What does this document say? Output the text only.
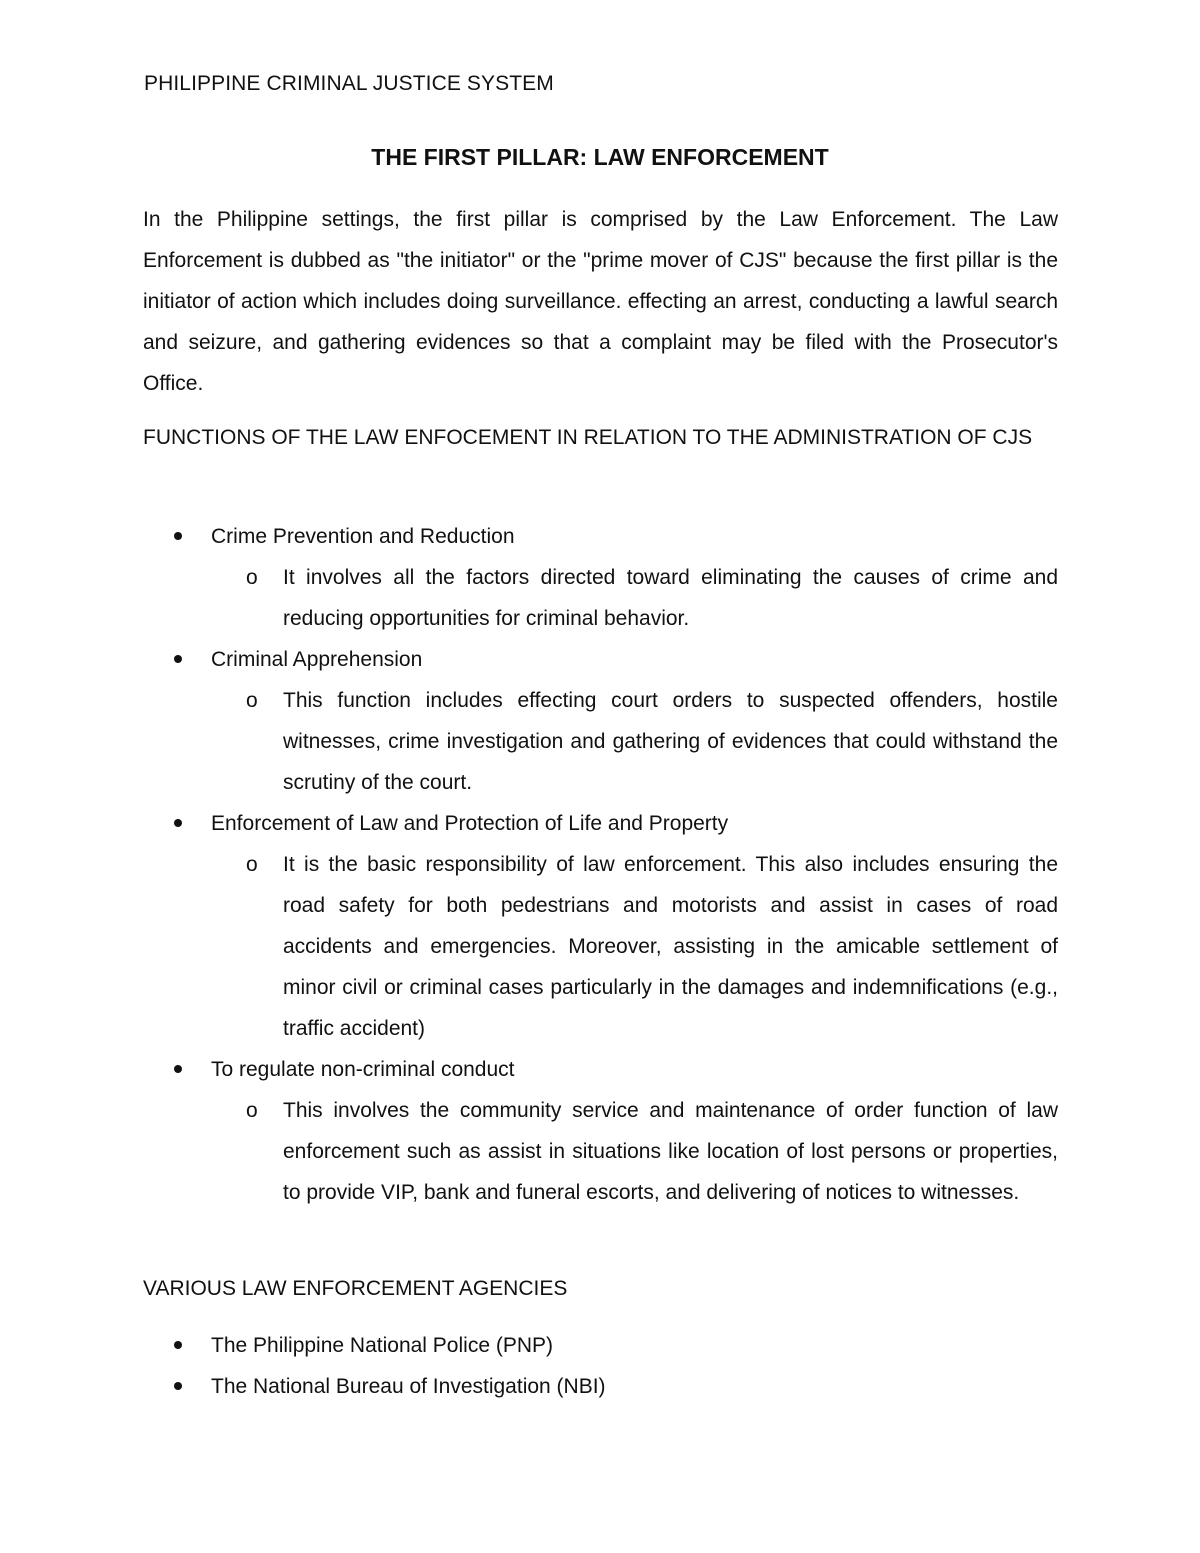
PHILIPPINE CRIMINAL JUSTICE SYSTEM
THE FIRST PILLAR: LAW ENFORCEMENT

In the Philippine settings, the first pillar is comprised by the Law Enforcement. The Law Enforcement is dubbed as "the initiator" or the "prime mover of CJS" because the first pillar is the initiator of action which includes doing surveillance. effecting an arrest, conducting a lawful search and seizure, and gathering evidences so that a complaint may be filed with the Prosecutor's Office.

FUNCTIONS OF THE LAW ENFOCEMENT IN RELATION TO THE ADMINISTRATION OF CJS

Crime Prevention and Reduction
o It involves all the factors directed toward eliminating the causes of crime and reducing opportunities for criminal behavior.

Criminal Apprehension
o This function includes effecting court orders to suspected offenders, hostile witnesses, crime investigation and gathering of evidences that could withstand the scrutiny of the court.

Enforcement of Law and Protection of Life and Property
o It is the basic responsibility of law enforcement. This also includes ensuring the road safety for both pedestrians and motorists and assist in cases of road accidents and emergencies. Moreover, assisting in the amicable settlement of minor civil or criminal cases particularly in the damages and indemnifications (e.g., traffic accident)

To regulate non-criminal conduct
o This involves the community service and maintenance of order function of law enforcement such as assist in situations like location of lost persons or properties, to provide VIP, bank and funeral escorts, and delivering of notices to witnesses.

VARIOUS LAW ENFORCEMENT AGENCIES

The Philippine National Police (PNP)
The National Bureau of Investigation (NBI)
